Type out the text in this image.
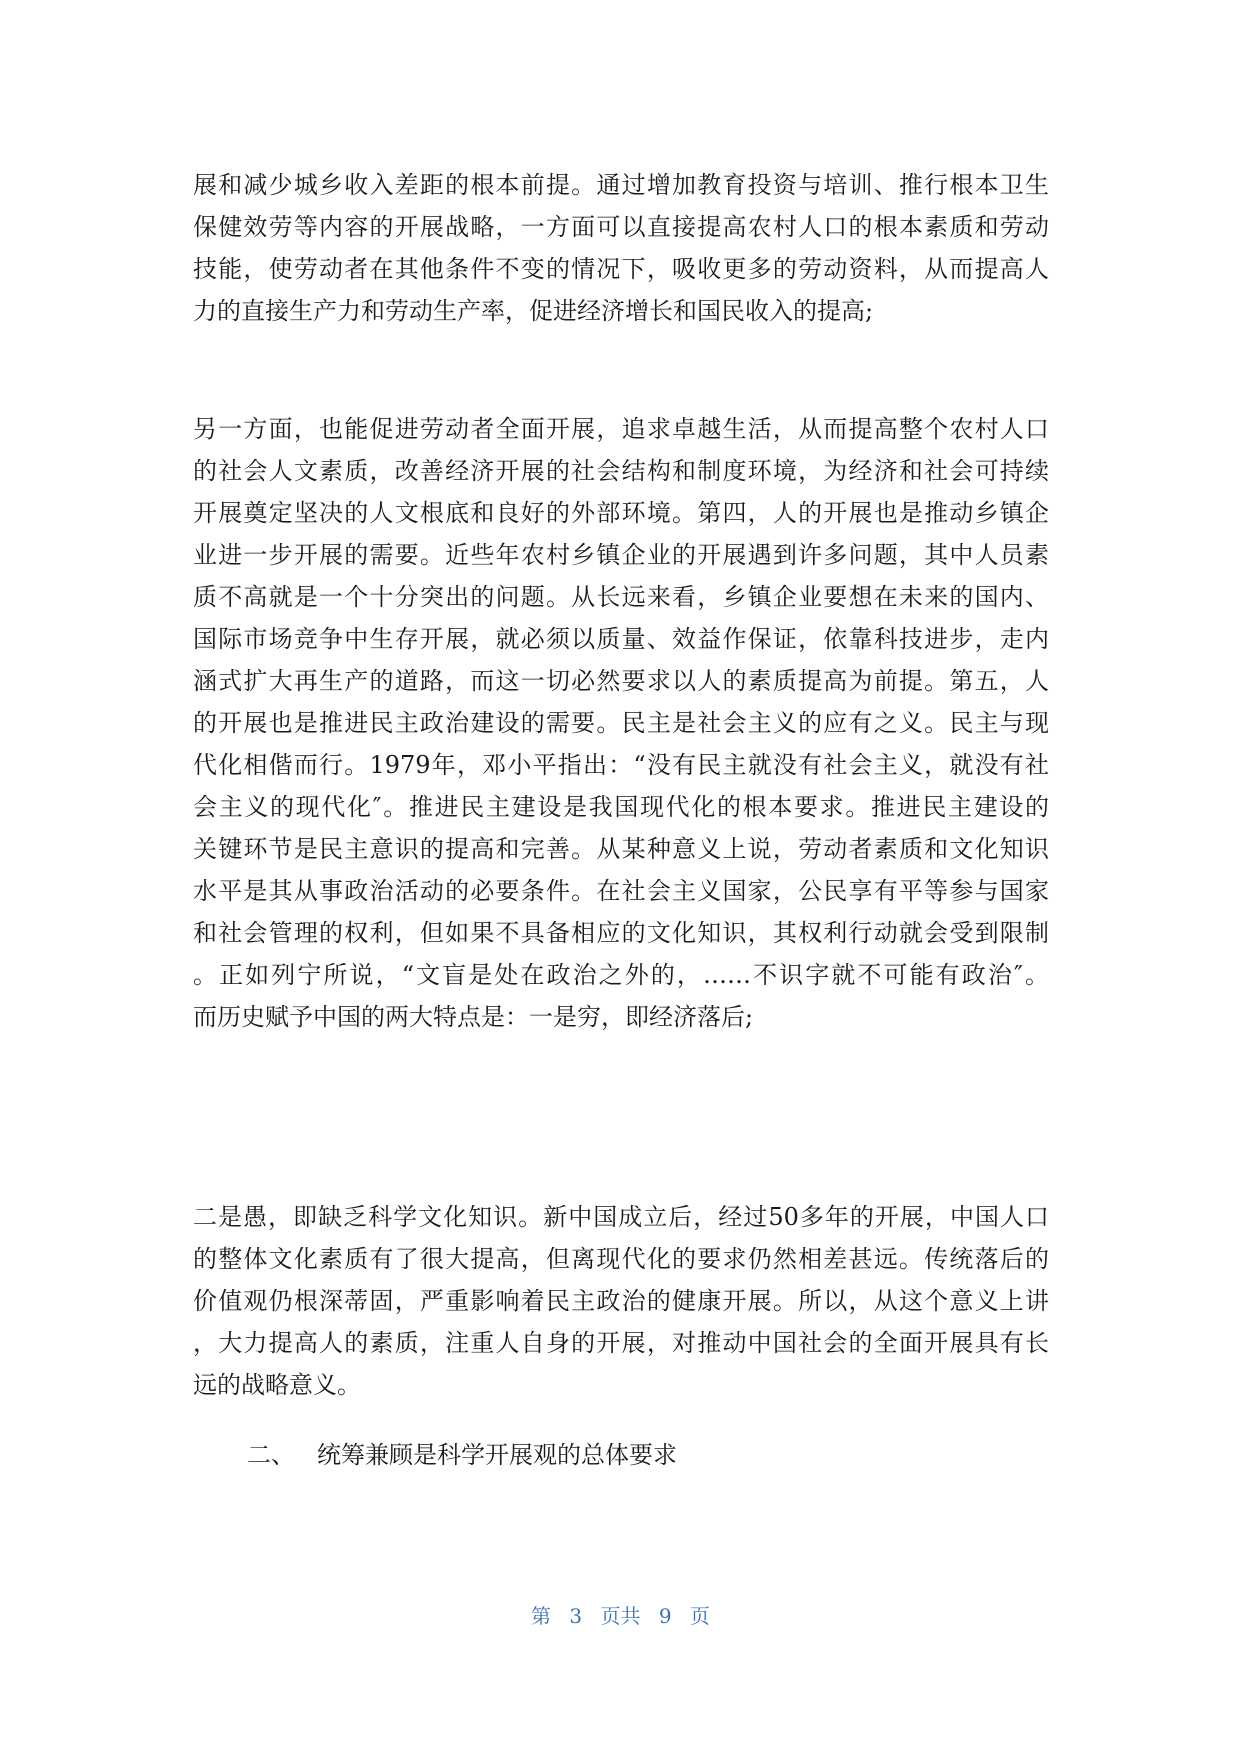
展和减少城乡收入差距的根本前提。通过增加教育投资与培训、推行根本卫生
保健效劳等内容的开展战略，一方面可以直接提高农村人口的根本素质和劳动
技能，使劳动者在其他条件不变的情况下，吸收更多的劳动资料，从而提高人
力的直接生产力和劳动生产率，促进经济增长和国民收入的提高;
另一方面，也能促进劳动者全面开展，追求卓越生活，从而提高整个农村人口
的社会人文素质，改善经济开展的社会结构和制度环境，为经济和社会可持续
开展奠定坚决的人文根底和良好的外部环境。第四，人的开展也是推动乡镇企
业进一步开展的需要。近些年农村乡镇企业的开展遇到许多问题，其中人员素
质不高就是一个十分突出的问题。从长远来看，乡镇企业要想在未来的国内、
国际市场竞争中生存开展，就必须以质量、效益作保证，依靠科技进步，走内
涵式扩大再生产的道路，而这一切必然要求以人的素质提高为前提。第五，人
的开展也是推进民主政治建设的需要。民主是社会主义的应有之义。民主与现
代化相偕而行。1979年，邓小平指出：“没有民主就没有社会主义，就没有社
会主义的现代化″。推进民主建设是我国现代化的根本要求。推进民主建设的
关键环节是民主意识的提高和完善。从某种意义上说，劳动者素质和文化知识
水平是其从事政治活动的必要条件。在社会主义国家，公民享有平等参与国家
和社会管理的权利，但如果不具备相应的文化知识，其权利行动就会受到限制
。正如列宁所说，“文盲是处在政治之外的，……不识字就不可能有政治″。
而历史赋予中国的两大特点是：一是穷，即经济落后;
二是愚，即缺乏科学文化知识。新中国成立后，经过50多年的开展，中国人口
的整体文化素质有了很大提高，但离现代化的要求仍然相差甚远。传统落后的
价值观仍根深蒂固，严重影响着民主政治的健康开展。所以，从这个意义上讲
，大力提高人的素质，注重人自身的开展，对推动中国社会的全面开展具有长
远的战略意义。
二、 统筹兼顾是科学开展观的总体要求
第 3 页共 9 页
